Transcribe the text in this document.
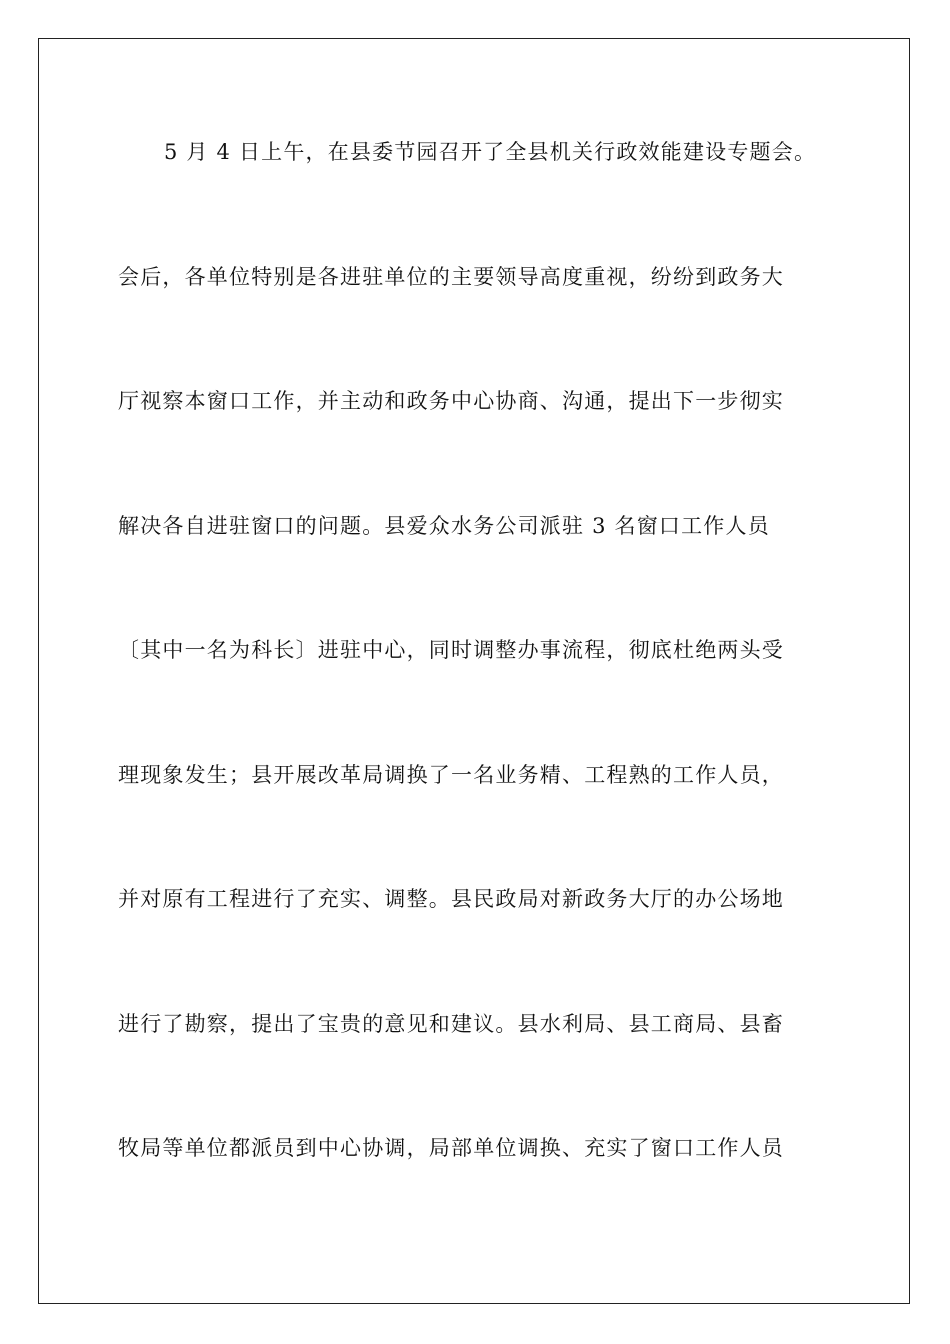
5 月 4 日上午，在县委节园召开了全县机关行政效能建设专题会。
会后，各单位特别是各进驻单位的主要领导高度重视，纷纷到政务大
厅视察本窗口工作，并主动和政务中心协商、沟通，提出下一步彻实
解决各自进驻窗口的问题。县爱众水务公司派驻 3 名窗口工作人员
〔其中一名为科长〕进驻中心，同时调整办事流程，彻底杜绝两头受
理现象发生；县开展改革局调换了一名业务精、工程熟的工作人员，
并对原有工程进行了充实、调整。县民政局对新政务大厅的办公场地
进行了勘察，提出了宝贵的意见和建议。县水利局、县工商局、县畜
牧局等单位都派员到中心协调，局部单位调换、充实了窗口工作人员
